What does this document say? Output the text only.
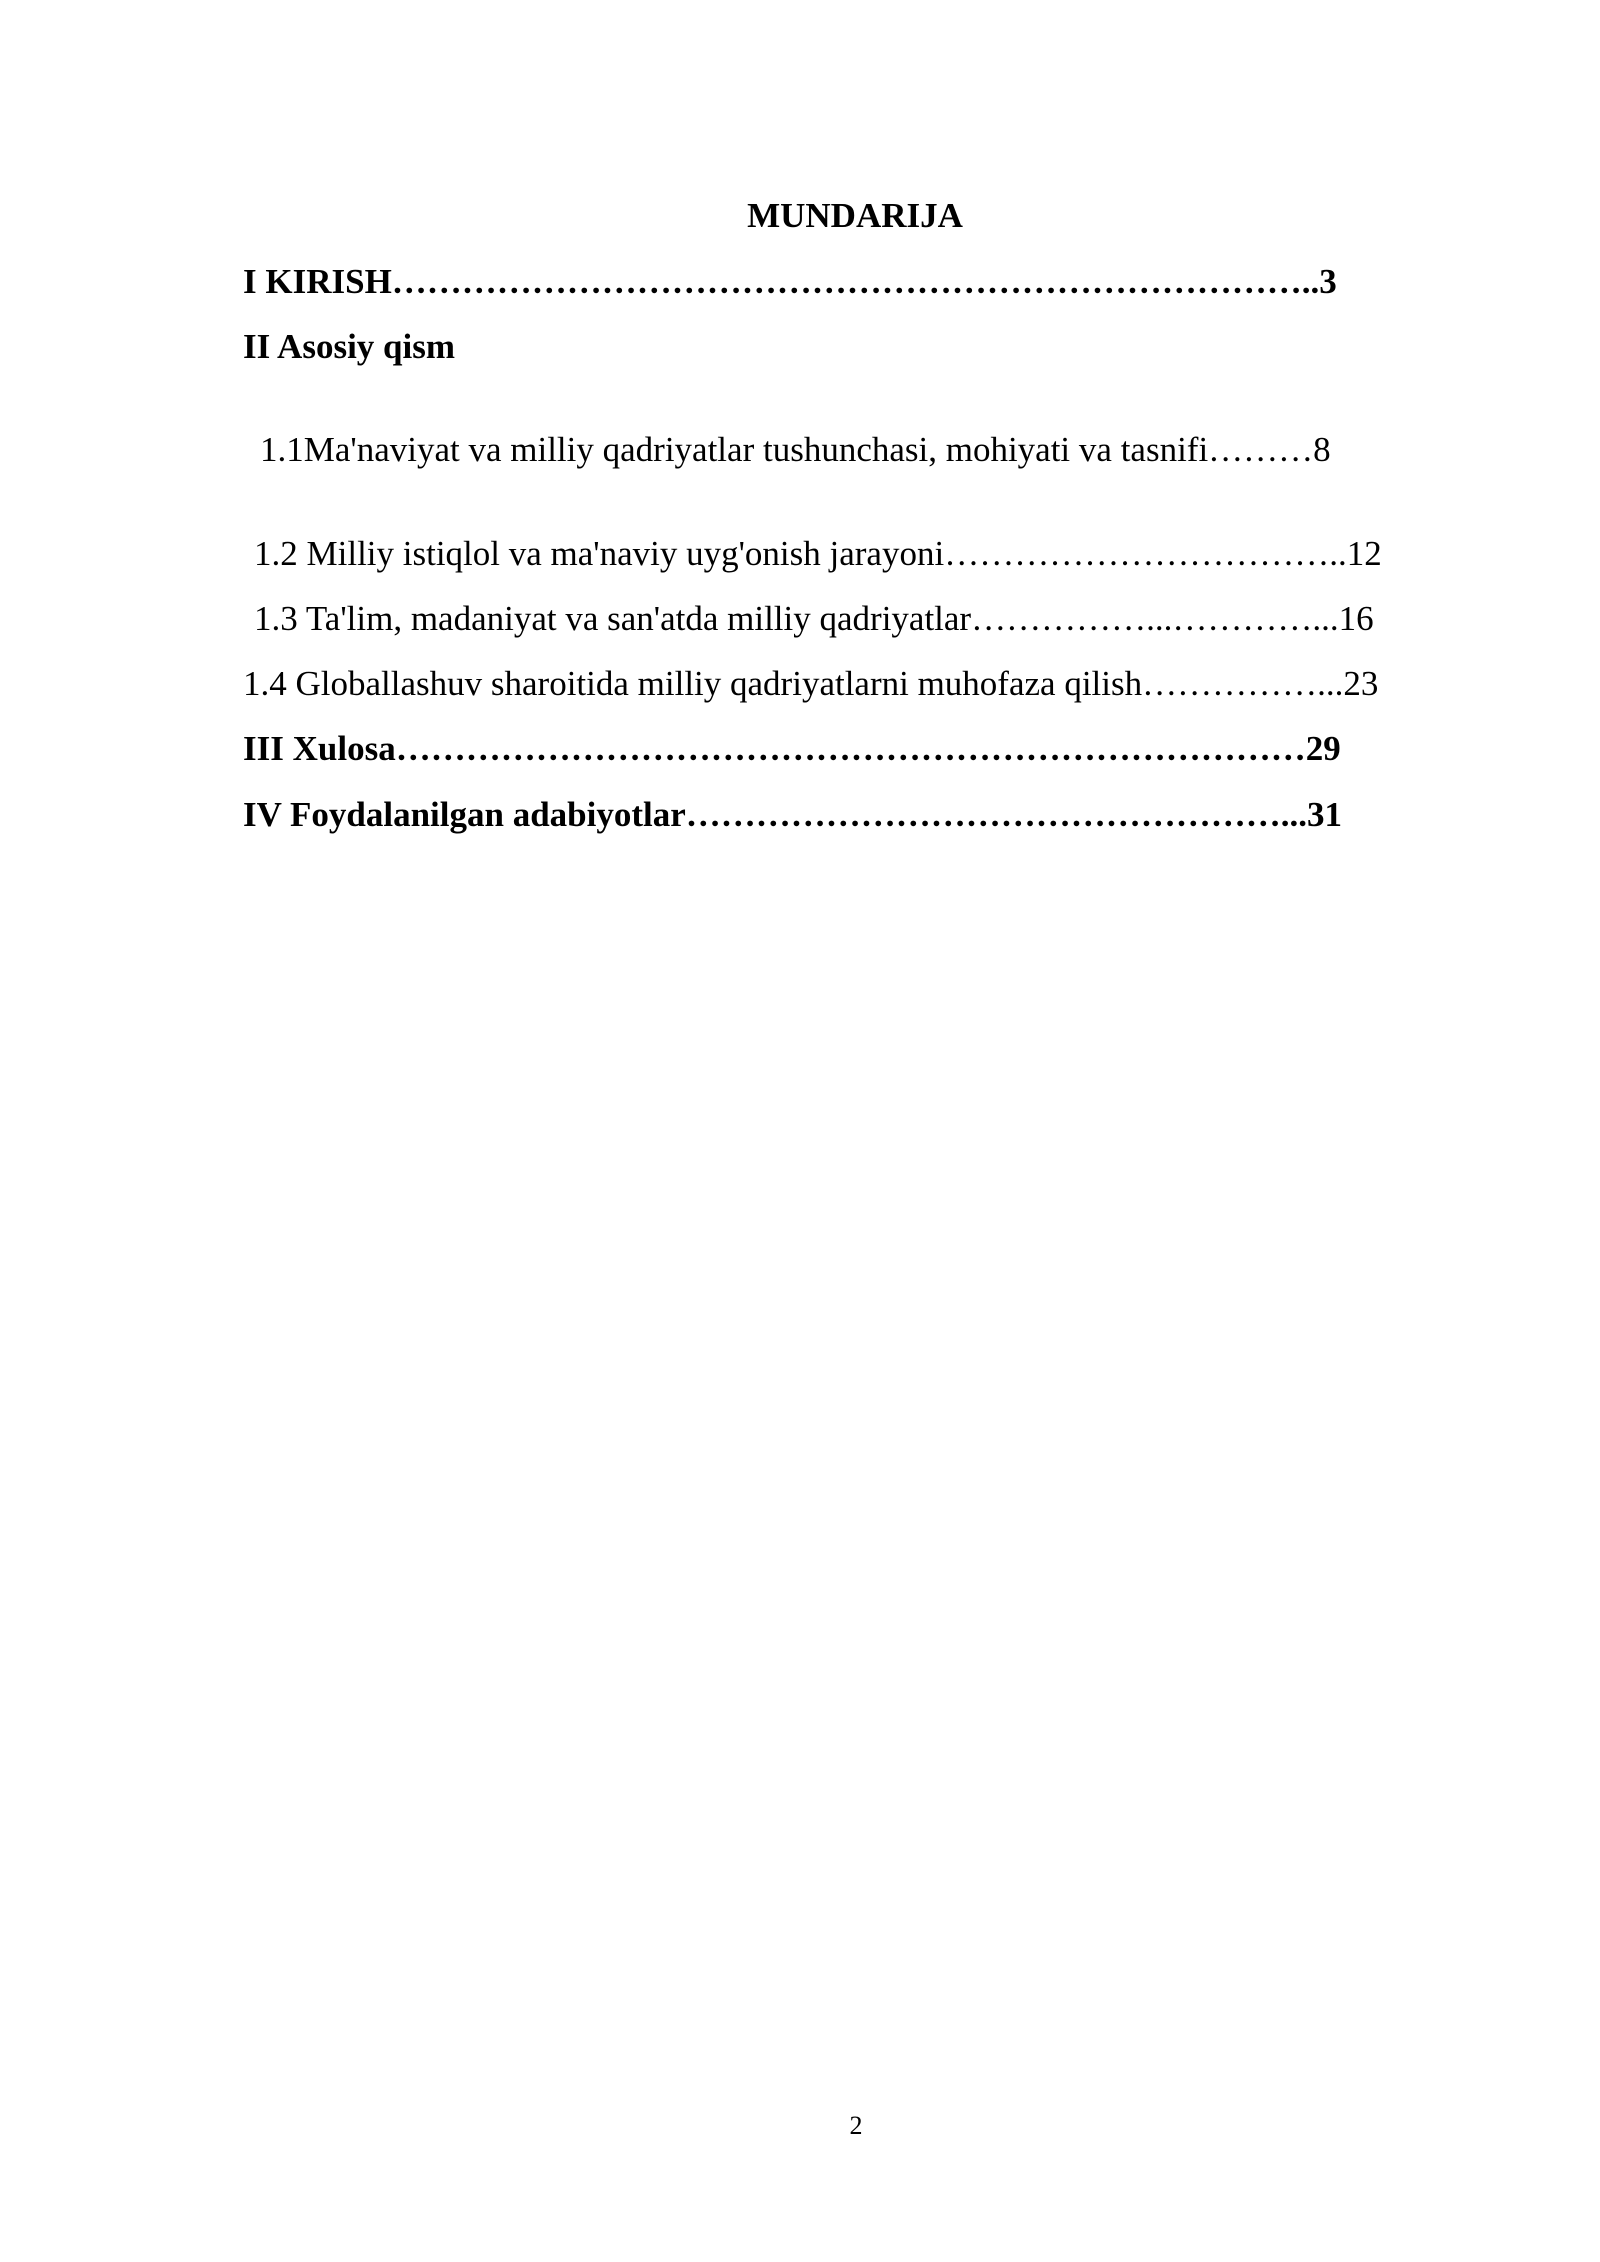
MUNDARIJA
I KIRISH……………………………………………………………………..3
II Asosiy qism
1.1Ma'naviyat va milliy qadriyatlar tushunchasi, mohiyati va tasnifi………8
1.2 Milliy istiqlol va ma'naviy uyg'onish jarayoni……………………………..12
1.3 Ta'lim, madaniyat va san'atda milliy qadriyatlar……………...…………...16
1.4 Globallashuv sharoitida milliy qadriyatlarni muhofaza qilish……………...23
III Xulosa……………………………………………………………………29
IV Foydalanilgan adabiyotlar……………………………………………...31
2
